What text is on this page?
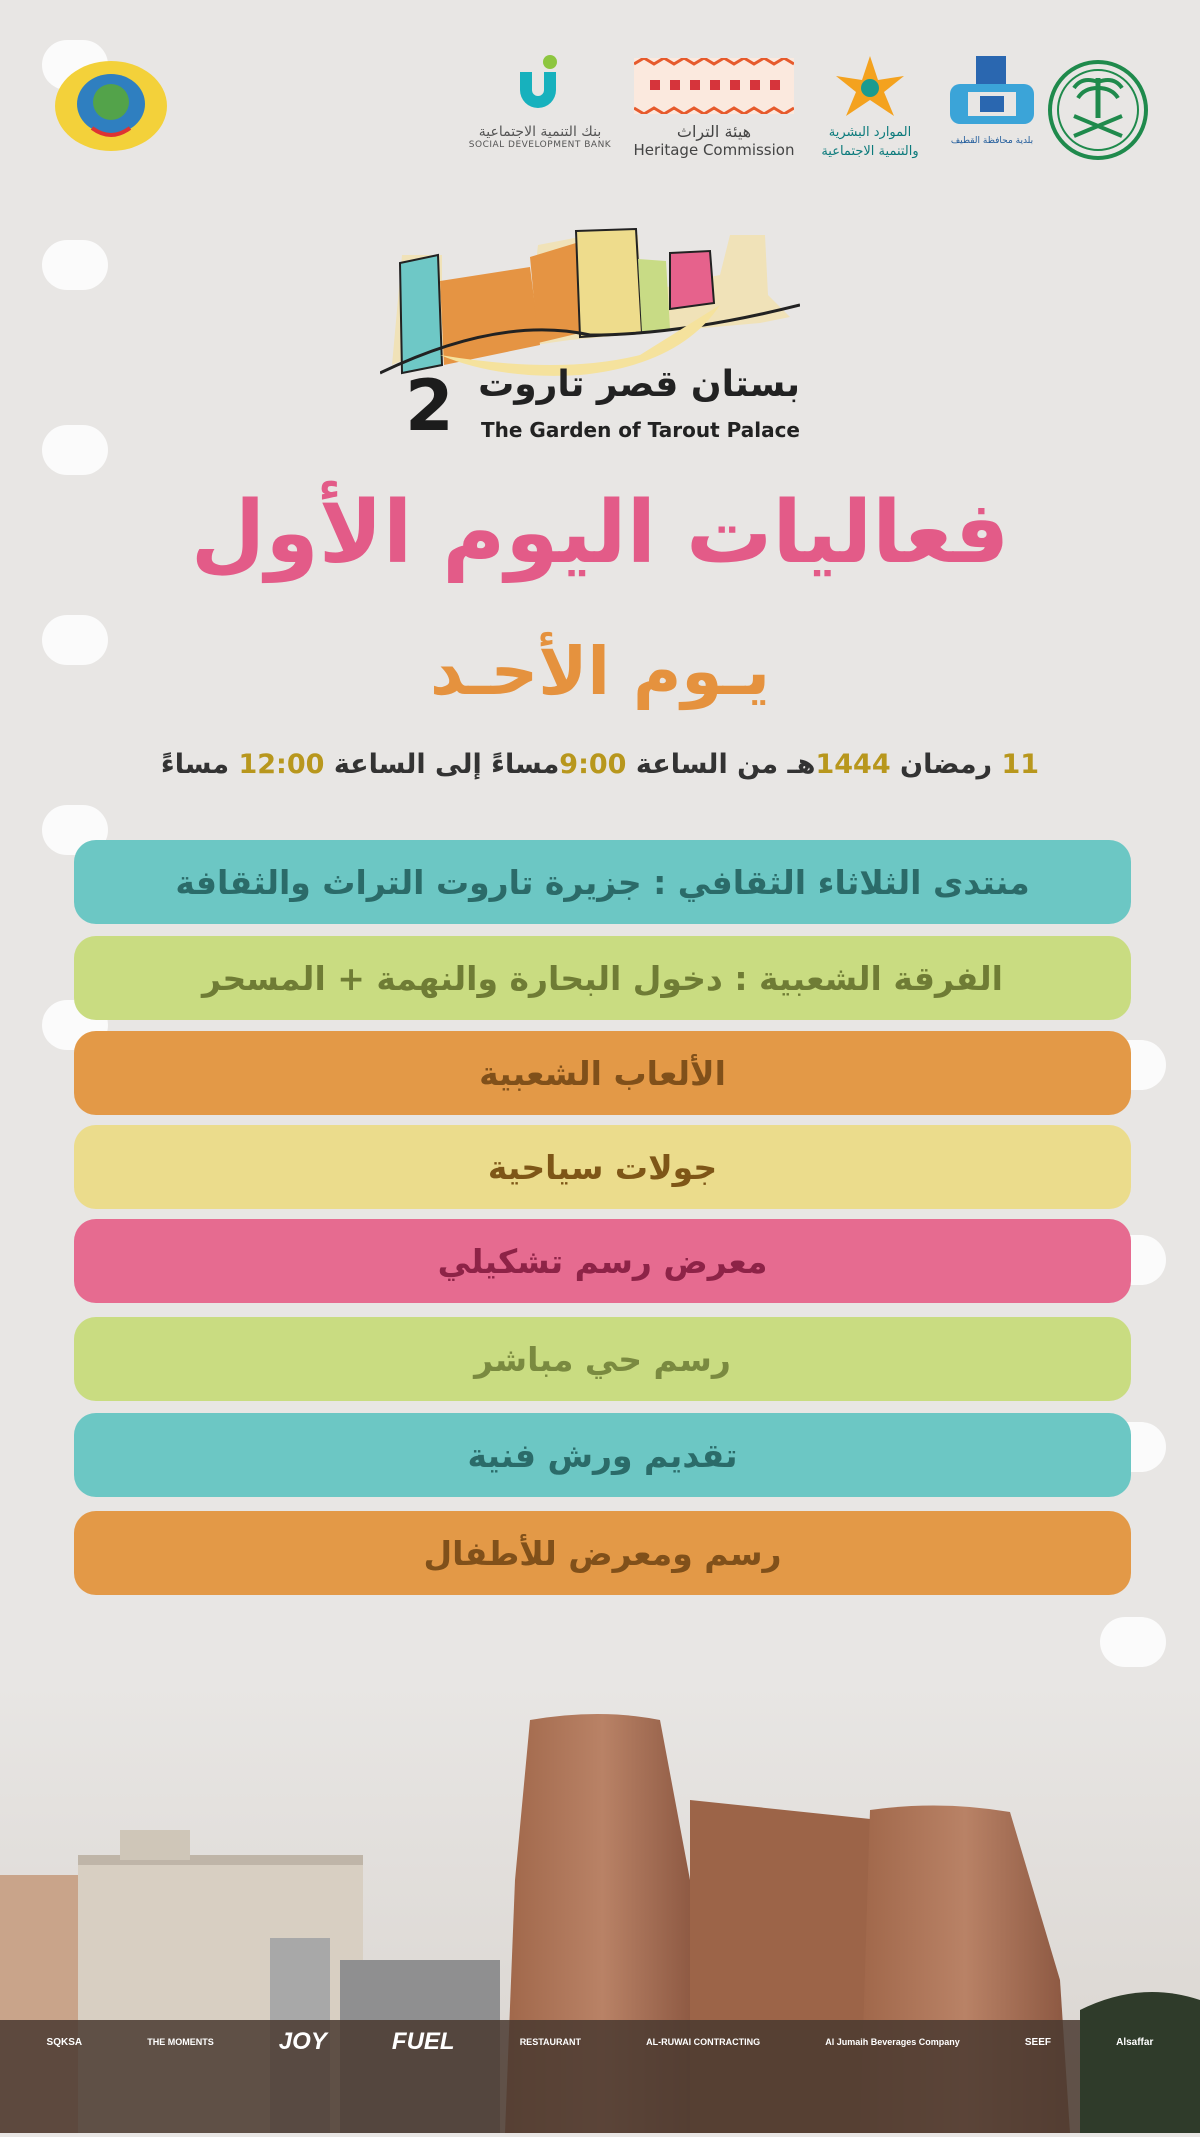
بنك التنمية الاجتماعية
SOCIAL DEVELOPMENT BANK
هيئة التراث
Heritage Commission
الموارد البشرية
والتنمية الاجتماعية
بلدية محافظة القطيف
2 بستان قصر تاروت
The Garden of Tarout Palace
فعاليات اليوم الأول
يـوم الأحـد
11 رمضان 1444هـ من الساعة 9:00مساءً إلى الساعة 12:00 مساءً
منتدى الثلاثاء الثقافي : جزيرة تاروت التراث والثقافة
الفرقة الشعبية : دخول البحارة والنهمة + المسحر
الألعاب الشعبية
جولات سياحية
معرض رسم تشكيلي
رسم حي مباشر
تقديم ورش فنية
رسم ومعرض للأطفال
SQKSA	THE MOMENTS	JOY	FUEL	RESTAURANT	AL-RUWAI CONTRACTING	Al Jumaih Beverages Company	SEEF	Alsaffar
